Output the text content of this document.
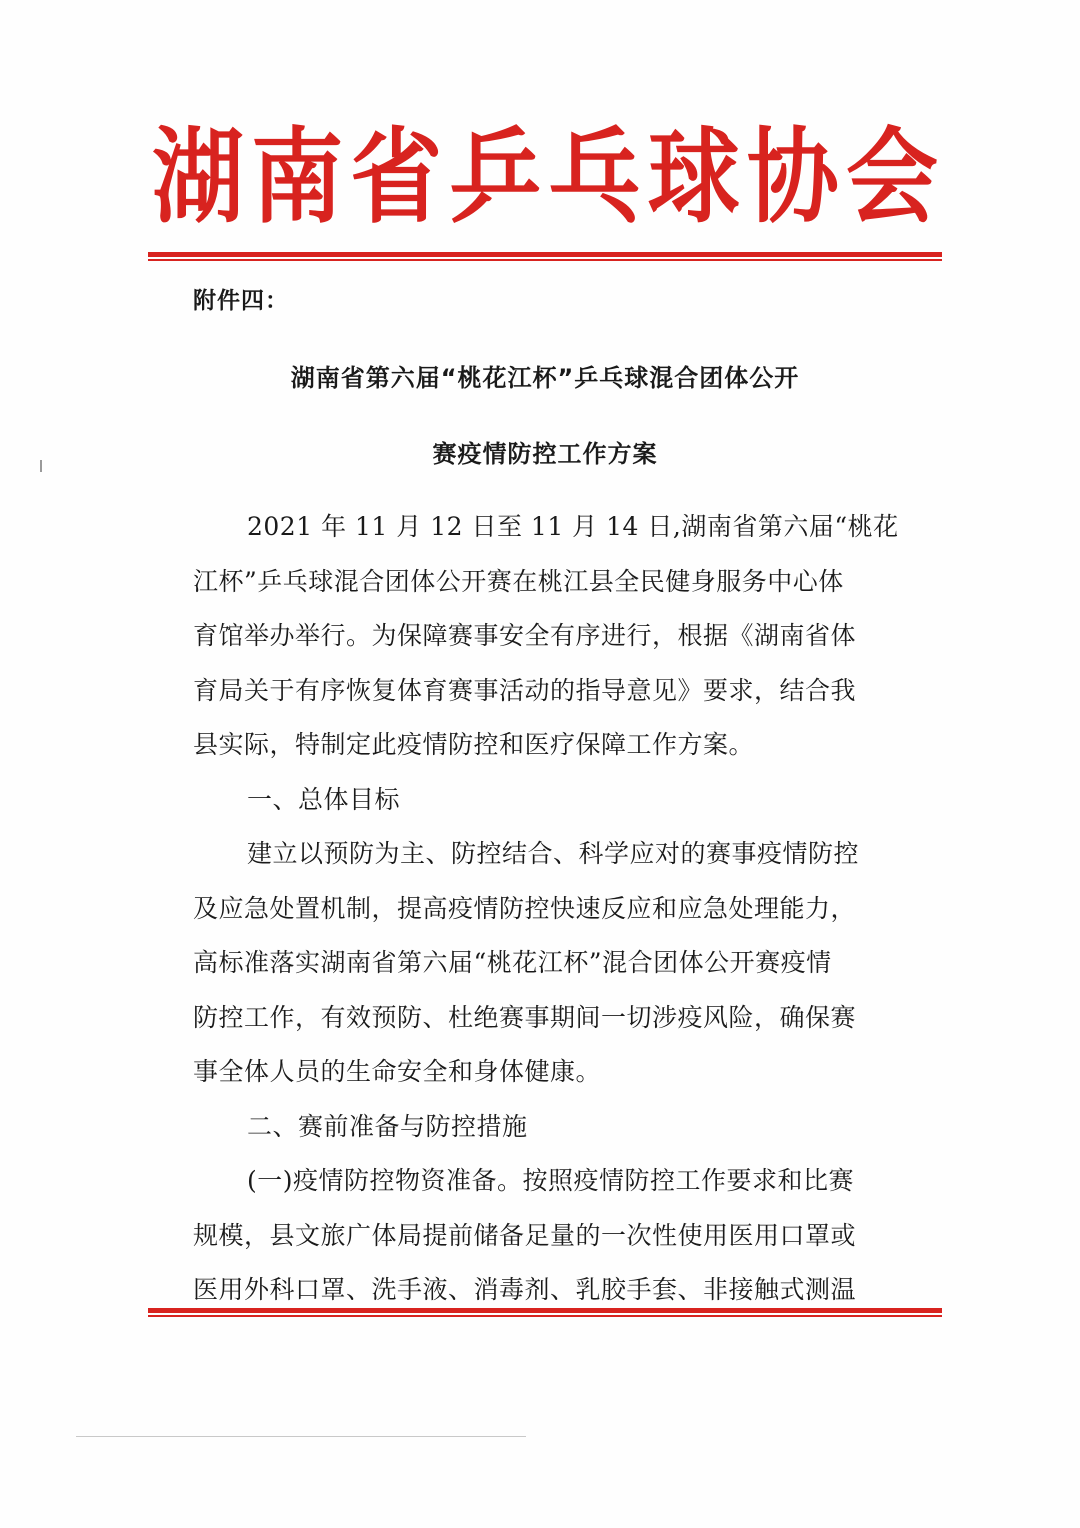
湖 南 省 乒 乓 球 协 会
附件四：
湖南省第六届“桃花江杯”乒乓球混合团体公开
赛疫情防控工作方案
2021 年 11 月 12 日至 11 月 14 日,湖南省第六届“桃花
江杯”乒乓球混合团体公开赛在桃江县全民健身服务中心体
育馆举办举行。为保障赛事安全有序进行，根据《湖南省体
育局关于有序恢复体育赛事活动的指导意见》要求，结合我
县实际，特制定此疫情防控和医疗保障工作方案。
一、总体目标
建立以预防为主、防控结合、科学应对的赛事疫情防控
及应急处置机制，提高疫情防控快速反应和应急处理能力，
高标准落实湖南省第六届“桃花江杯”混合团体公开赛疫情
防控工作，有效预防、杜绝赛事期间一切涉疫风险，确保赛
事全体人员的生命安全和身体健康。
二、赛前准备与防控措施
(一)疫情防控物资准备。按照疫情防控工作要求和比赛
规模，县文旅广体局提前储备足量的一次性使用医用口罩或
医用外科口罩、洗手液、消毒剂、乳胶手套、非接触式测温
